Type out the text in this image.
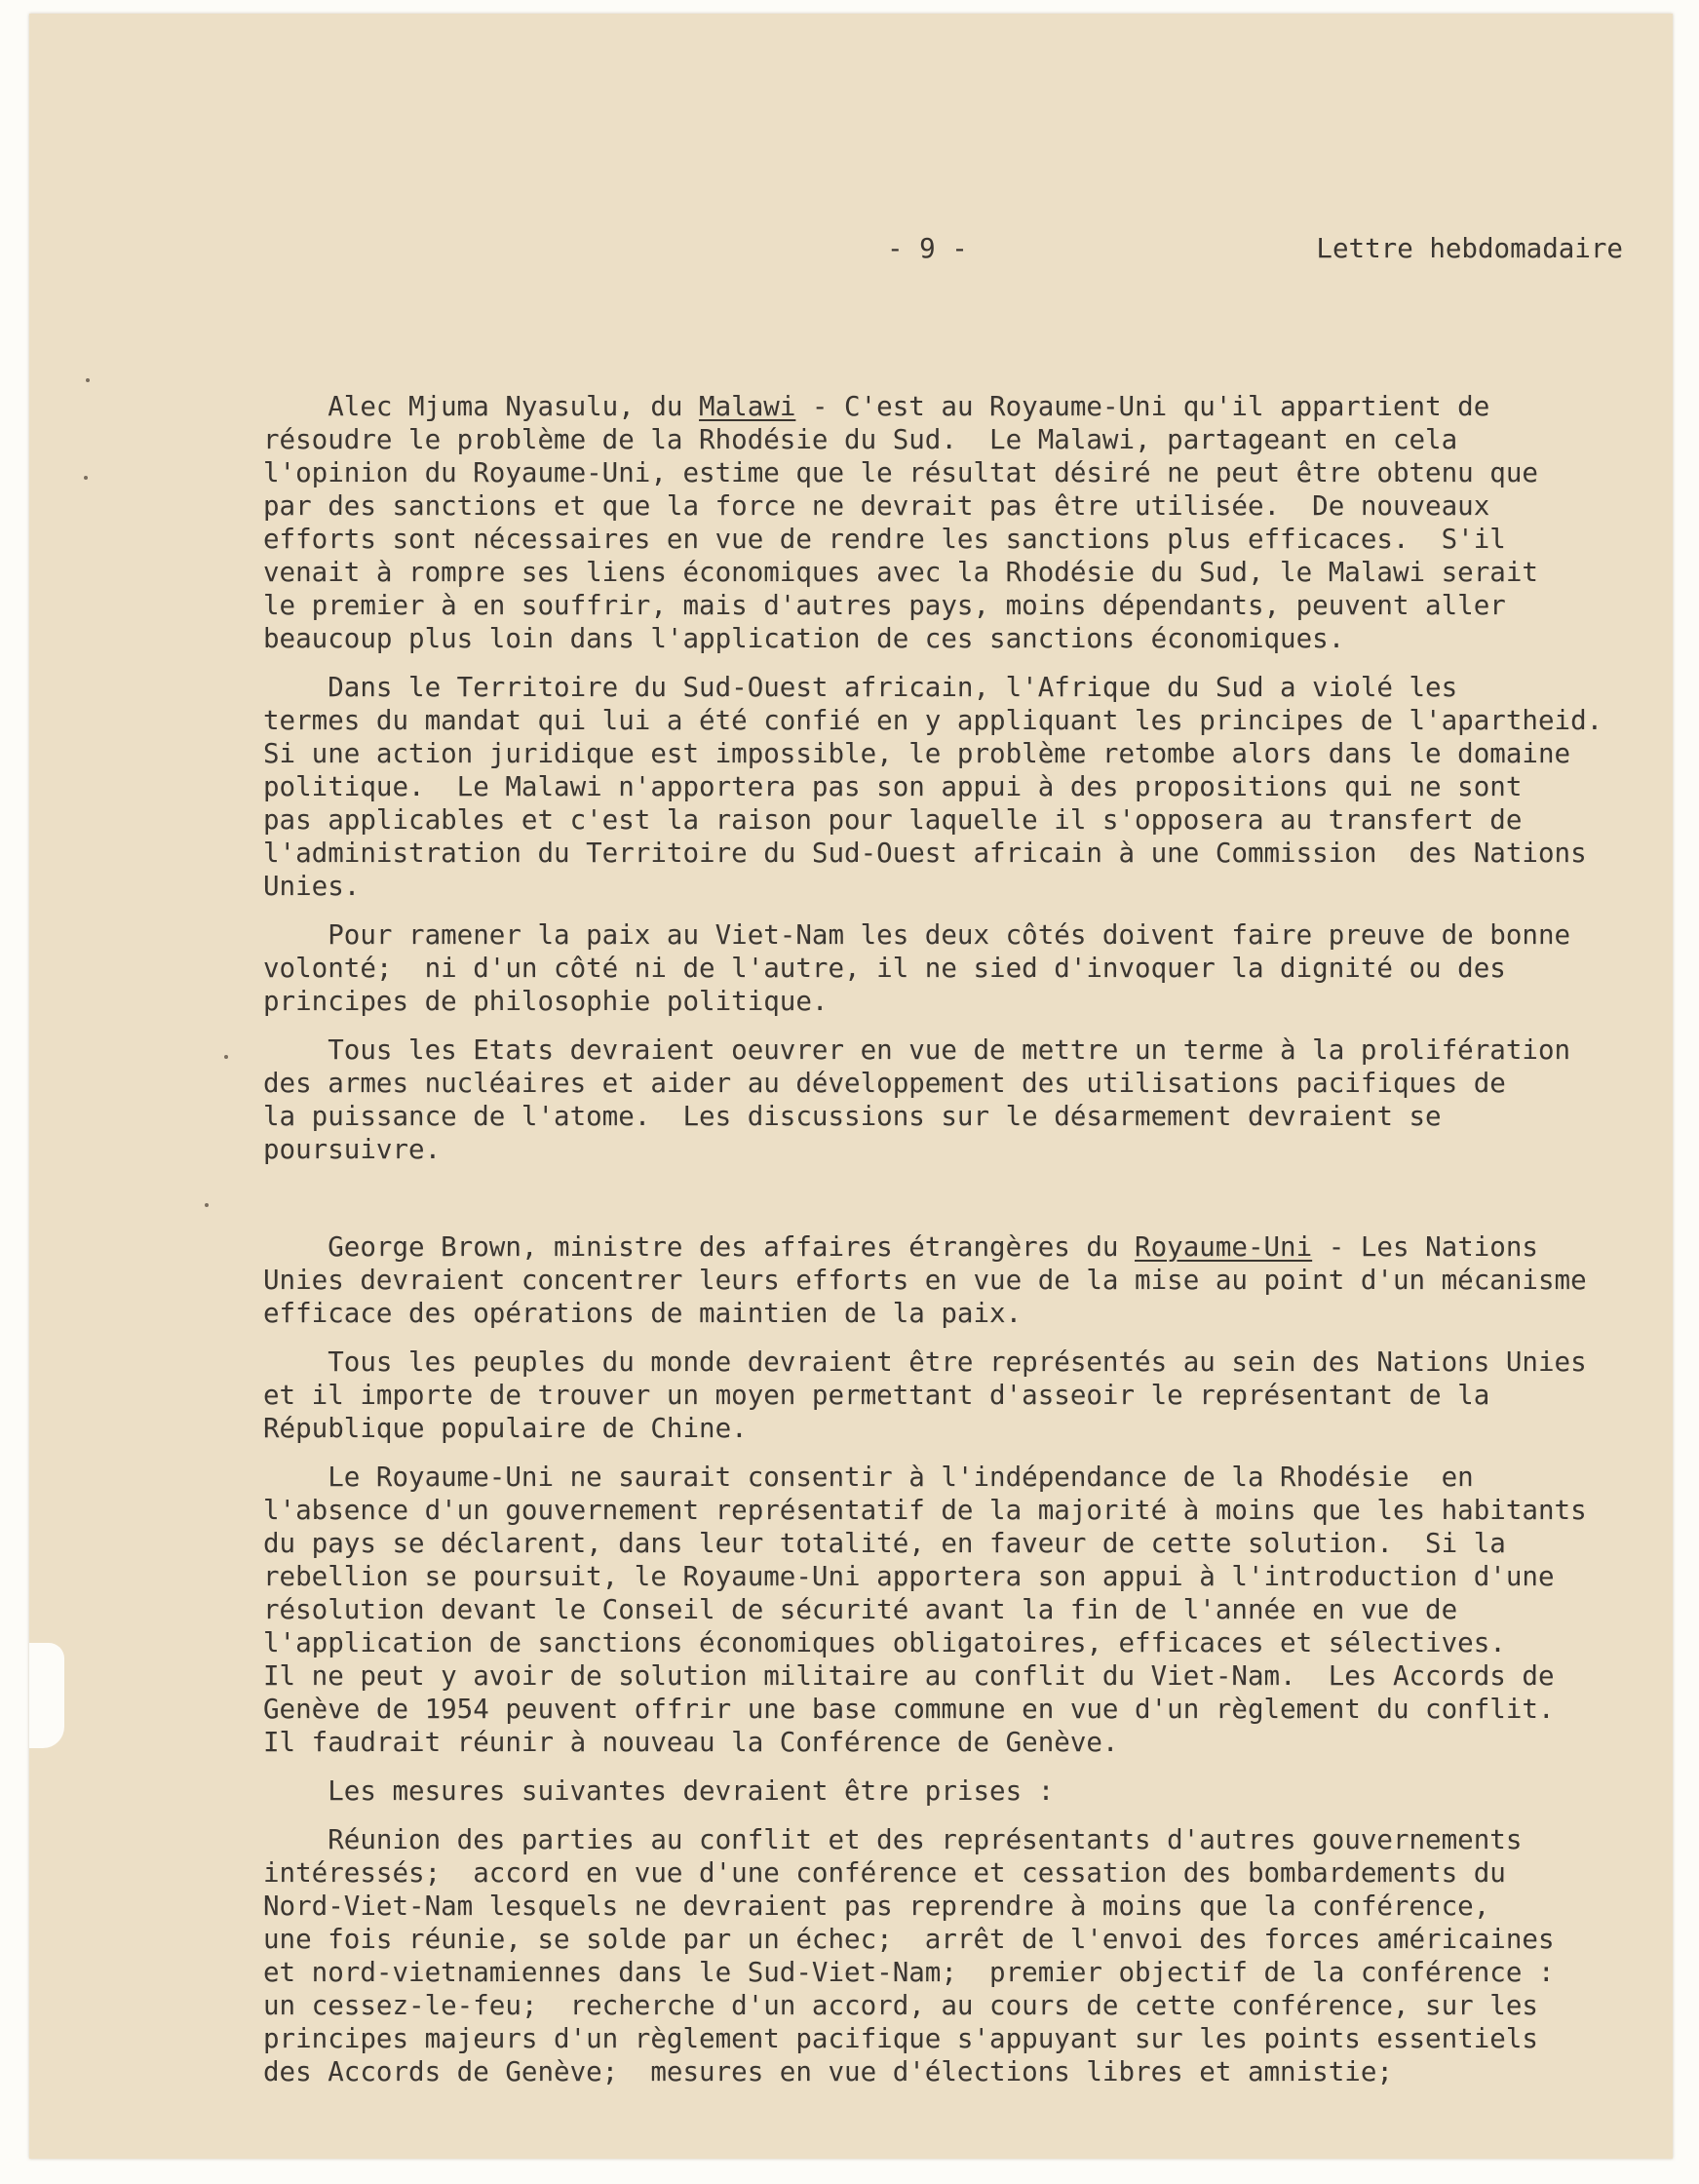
- 9 -

	Lettre hebdomadaire

Alec Mjuma Nyasulu, du Malawi - C'est au Royaume-Uni qu'il appartient de
résoudre le problème de la Rhodésie du Sud.  Le Malawi, partageant en cela
l'opinion du Royaume-Uni, estime que le résultat désiré ne peut être obtenu que
par des sanctions et que la force ne devrait pas être utilisée.  De nouveaux
efforts sont nécessaires en vue de rendre les sanctions plus efficaces.  S'il
venait à rompre ses liens économiques avec la Rhodésie du Sud, le Malawi serait
le premier à en souffrir, mais d'autres pays, moins dépendants, peuvent aller
beaucoup plus loin dans l'application de ces sanctions économiques.
Dans le Territoire du Sud-Ouest africain, l'Afrique du Sud a violé les
termes du mandat qui lui a été confié en y appliquant les principes de l'apartheid.
Si une action juridique est impossible, le problème retombe alors dans le domaine
politique.  Le Malawi n'apportera pas son appui à des propositions qui ne sont
pas applicables et c'est la raison pour laquelle il s'opposera au transfert de
l'administration du Territoire du Sud-Ouest africain à une Commission  des Nations
Unies.
Pour ramener la paix au Viet-Nam les deux côtés doivent faire preuve de bonne
volonté;  ni d'un côté ni de l'autre, il ne sied d'invoquer la dignité ou des
principes de philosophie politique.
Tous les Etats devraient oeuvrer en vue de mettre un terme à la prolifération
des armes nucléaires et aider au développement des utilisations pacifiques de
la puissance de l'atome.  Les discussions sur le désarmement devraient se
poursuivre.
George Brown, ministre des affaires étrangères du Royaume-Uni - Les Nations
Unies devraient concentrer leurs efforts en vue de la mise au point d'un mécanisme
efficace des opérations de maintien de la paix.
Tous les peuples du monde devraient être représentés au sein des Nations Unies
et il importe de trouver un moyen permettant d'asseoir le représentant de la
République populaire de Chine.
Le Royaume-Uni ne saurait consentir à l'indépendance de la Rhodésie  en
l'absence d'un gouvernement représentatif de la majorité à moins que les habitants
du pays se déclarent, dans leur totalité, en faveur de cette solution.  Si la
rebellion se poursuit, le Royaume-Uni apportera son appui à l'introduction d'une
résolution devant le Conseil de sécurité avant la fin de l'année en vue de
l'application de sanctions économiques obligatoires, efficaces et sélectives.
Il ne peut y avoir de solution militaire au conflit du Viet-Nam.  Les Accords de
Genève de 1954 peuvent offrir une base commune en vue d'un règlement du conflit.
Il faudrait réunir à nouveau la Conférence de Genève.
Les mesures suivantes devraient être prises :
Réunion des parties au conflit et des représentants d'autres gouvernements
intéressés;  accord en vue d'une conférence et cessation des bombardements du
Nord-Viet-Nam lesquels ne devraient pas reprendre à moins que la conférence,
une fois réunie, se solde par un échec;  arrêt de l'envoi des forces américaines
et nord-vietnamiennes dans le Sud-Viet-Nam;  premier objectif de la conférence :
un cessez-le-feu;  recherche d'un accord, au cours de cette conférence, sur les
principes majeurs d'un règlement pacifique s'appuyant sur les points essentiels
des Accords de Genève;  mesures en vue d'élections libres et amnistie;
